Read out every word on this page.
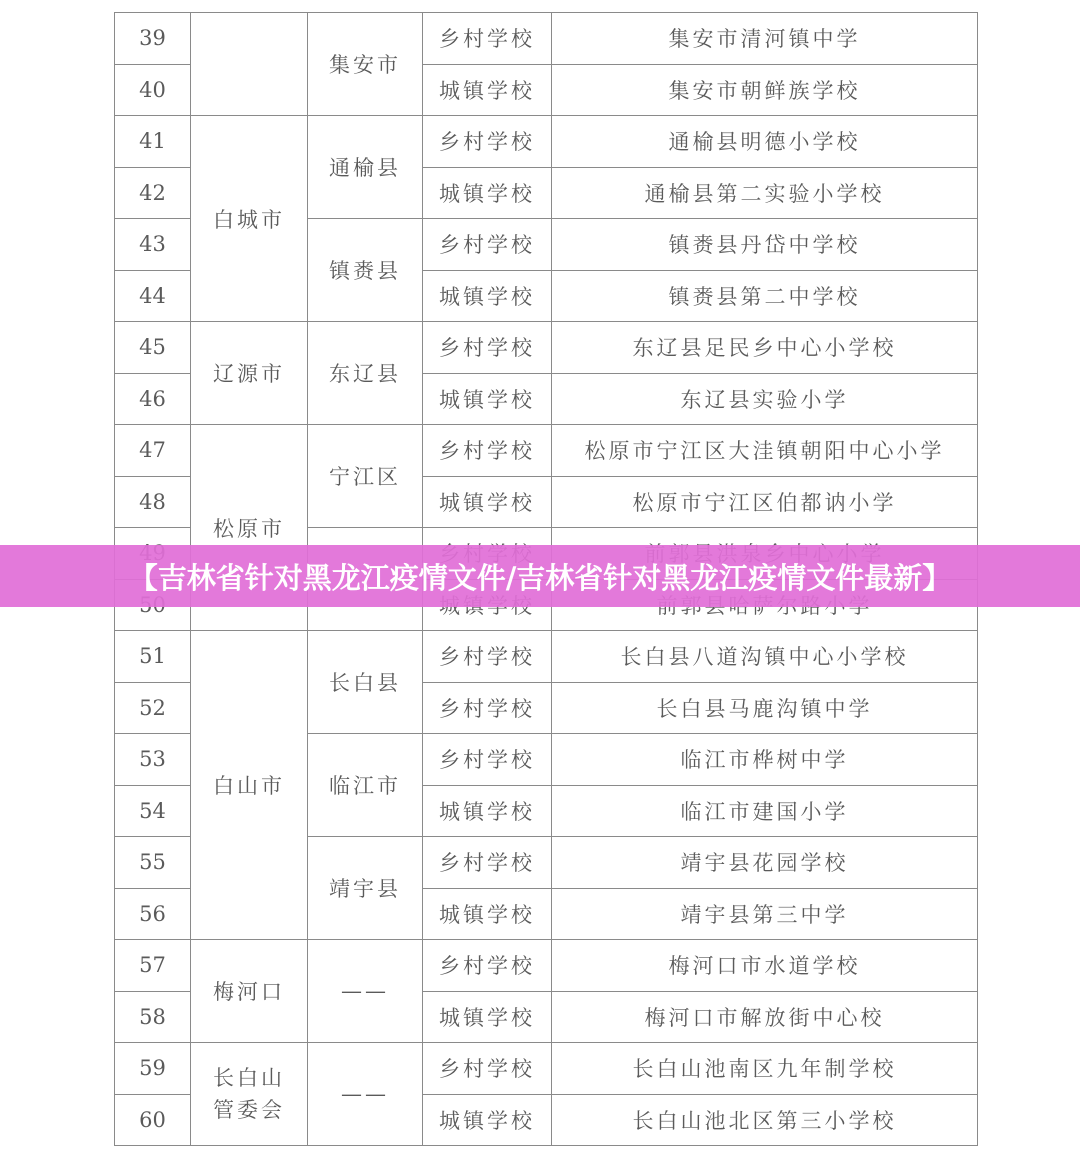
39		集安市	乡村学校	集安市清河镇中学
40			城镇学校	集安市朝鲜族学校
41	白城市	通榆县	乡村学校	通榆县明德小学校
42			城镇学校	通榆县第二实验小学校
43		镇赉县	乡村学校	镇赉县丹岱中学校
44			城镇学校	镇赉县第二中学校
45	辽源市	东辽县	乡村学校	东辽县足民乡中心小学校
46			城镇学校	东辽县实验小学
47	松原市	宁江区	乡村学校	松原市宁江区大洼镇朝阳中心小学
48			城镇学校	松原市宁江区伯都讷小学

51	白山市	长白县	乡村学校	长白县八道沟镇中心小学校
52			乡村学校	长白县马鹿沟镇中学
53		临江市	乡村学校	临江市桦树中学
54			城镇学校	临江市建国小学
55		靖宇县	乡村学校	靖宇县花园学校
56			城镇学校	靖宇县第三中学
57	梅河口	——	乡村学校	梅河口市水道学校
58			城镇学校	梅河口市解放街中心校
59	长白山
管委会	——	乡村学校	长白山池南区九年制学校
60			城镇学校	长白山池北区第三小学校
【吉林省针对黑龙江疫情文件/吉林省针对黑龙江疫情文件最新】
